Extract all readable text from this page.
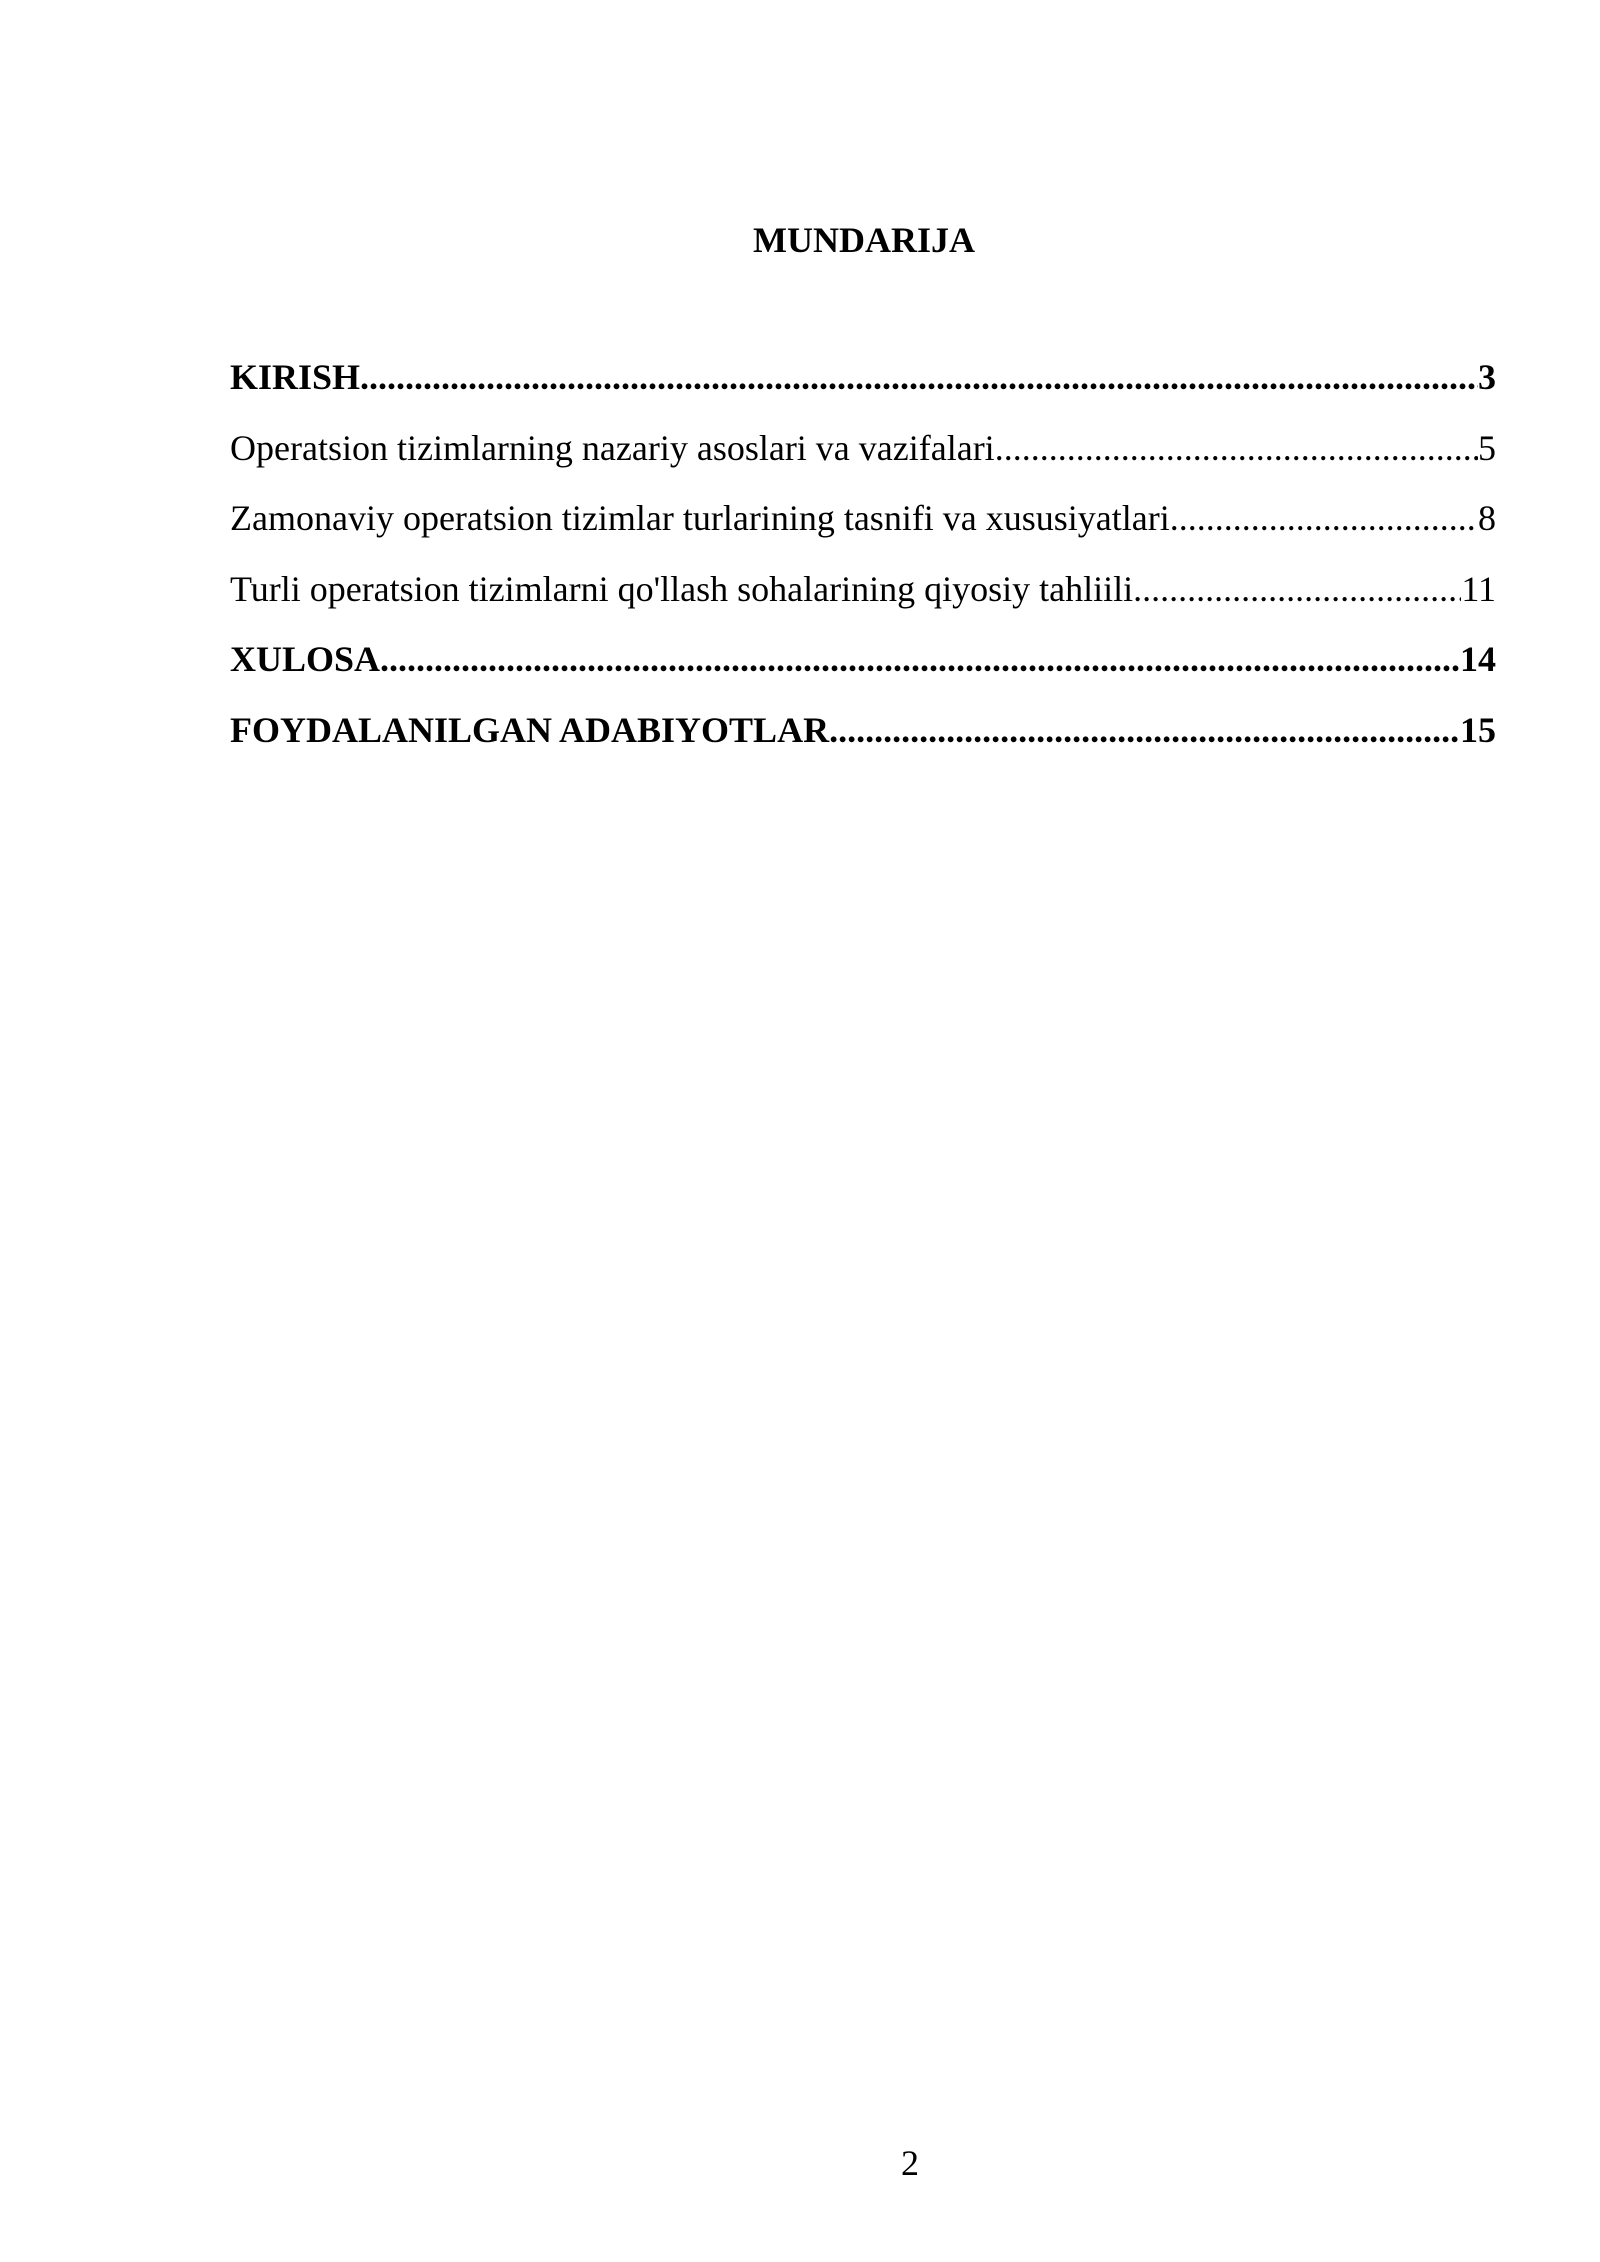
MUNDARIJA
KIRISH .....	3
Operatsion tizimlarning nazariy asoslari va vazifalari .....	5
Zamonaviy operatsion tizimlar turlarining tasnifi va xususiyatlari .....	8
Turli operatsion tizimlarni qo'llash sohalarining qiyosiy tahliili .....	11
XULOSA .....	14
FOYDALANILGAN ADABIYOTLAR .....	15
2
